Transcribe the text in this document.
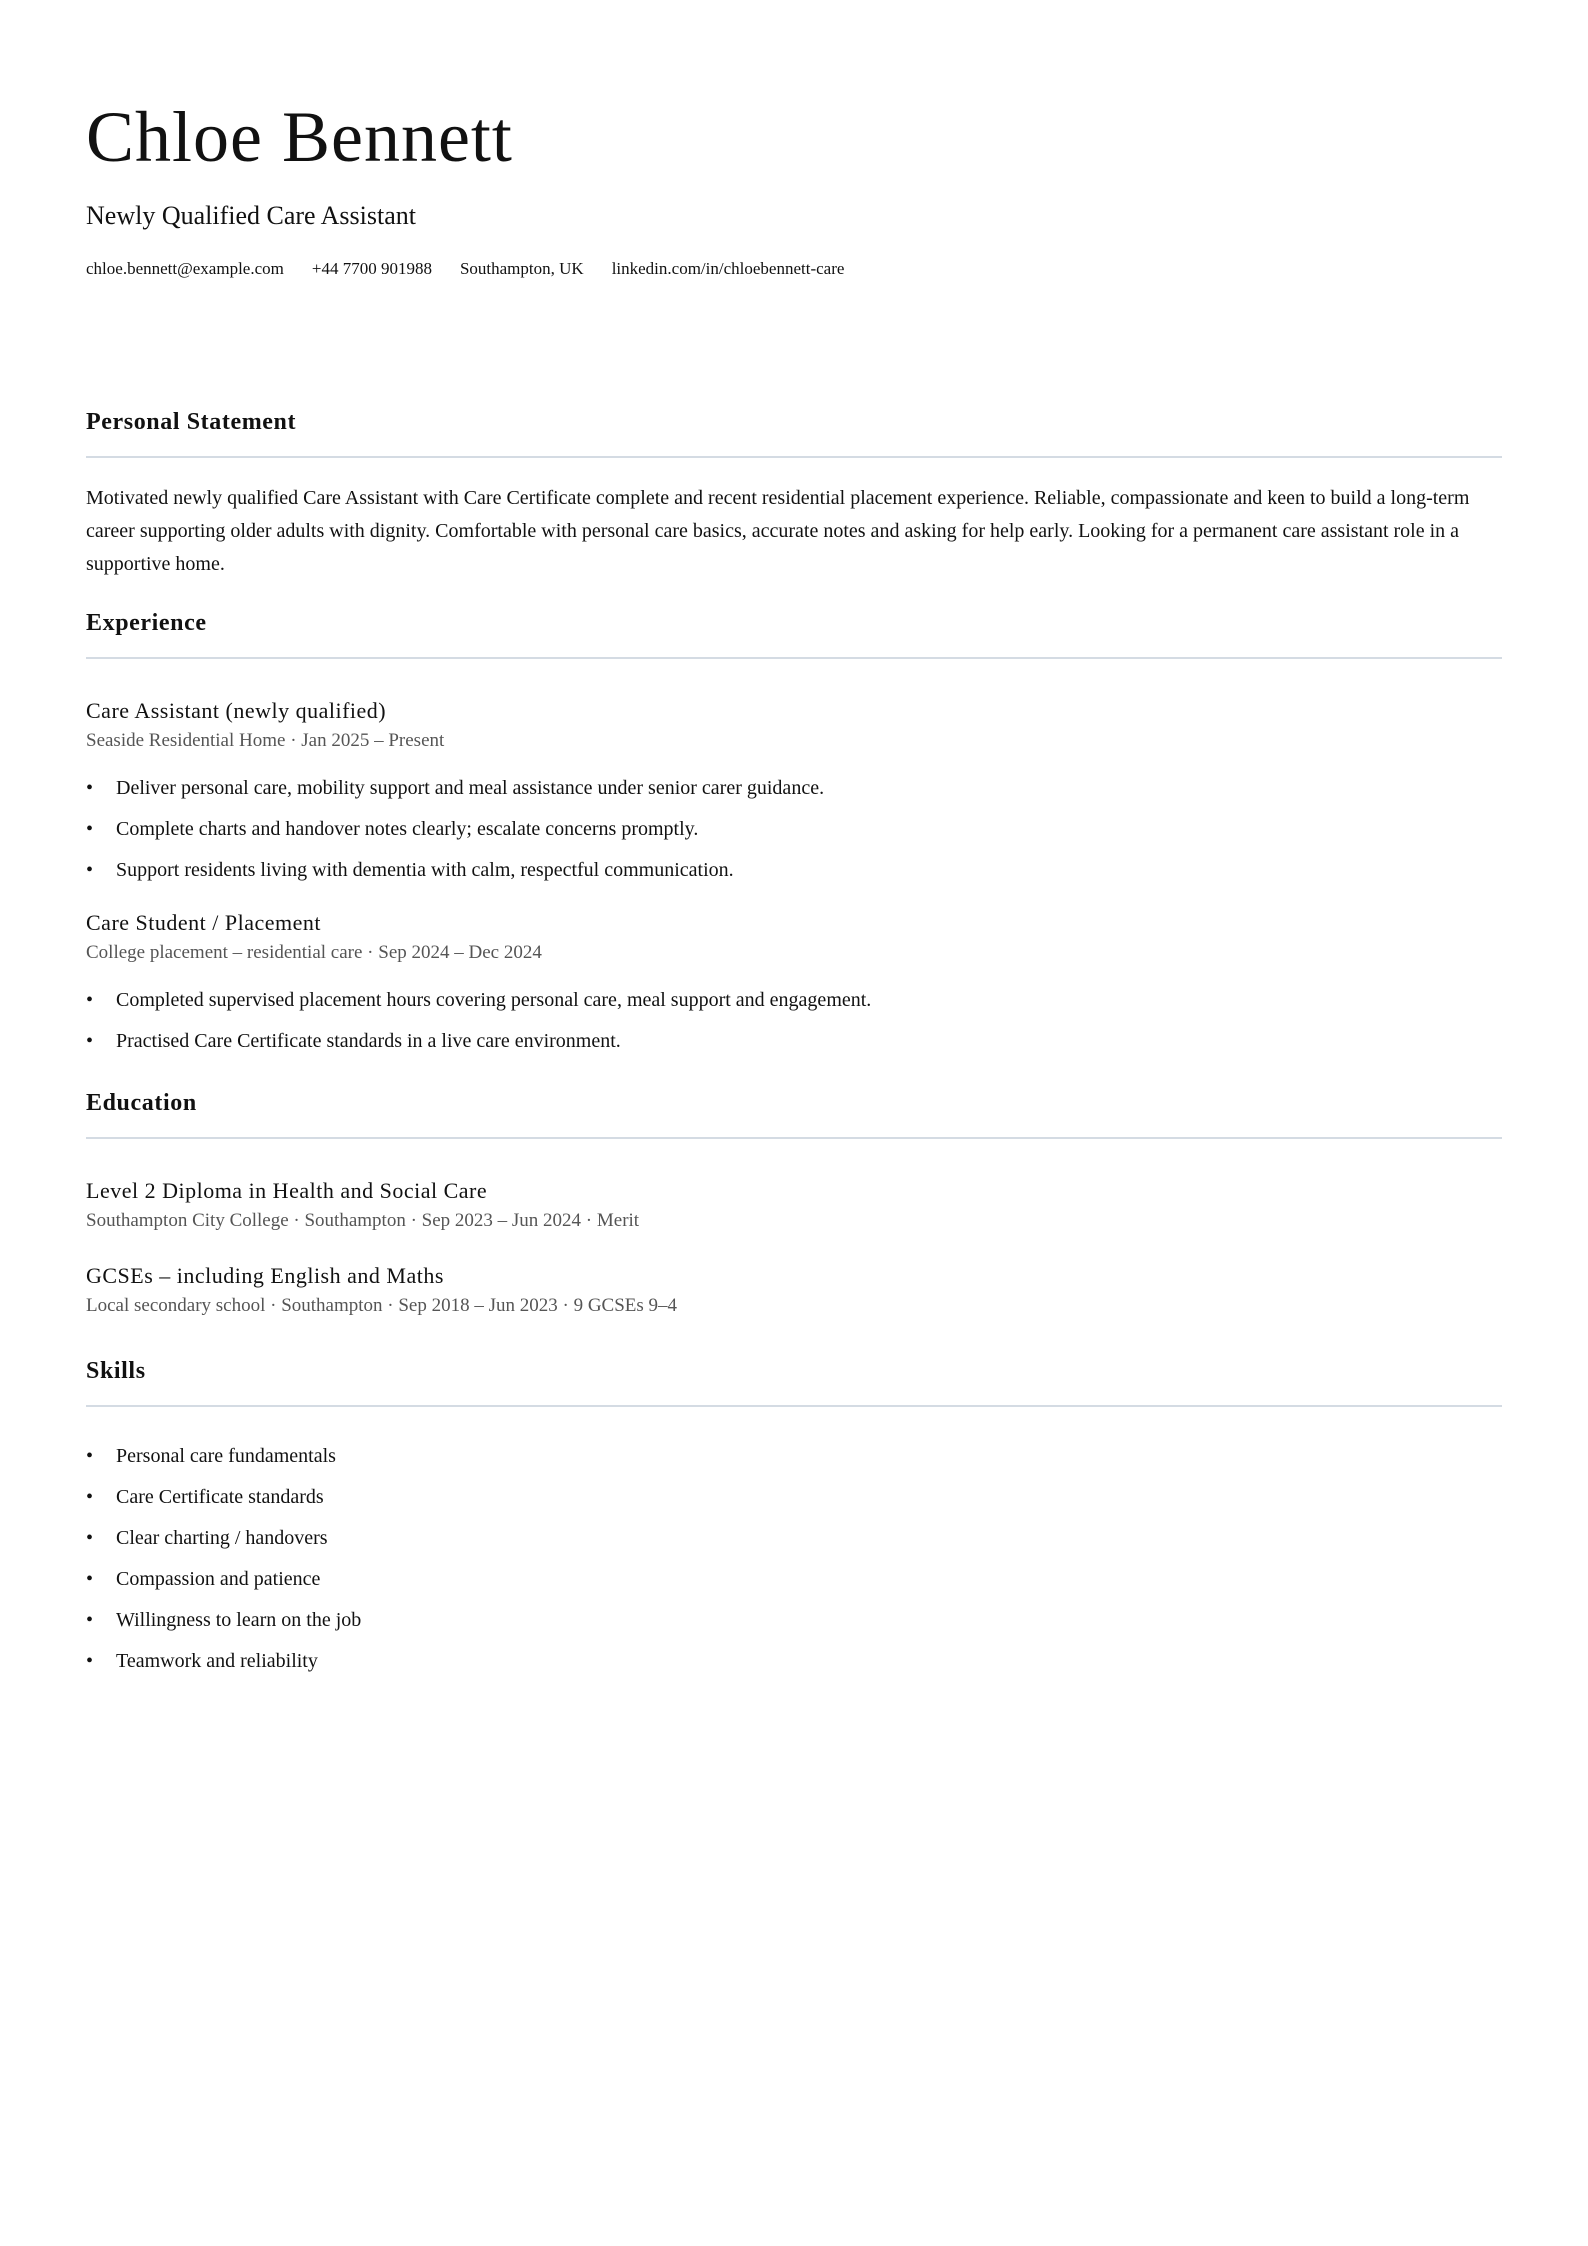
Chloe Bennett
Newly Qualified Care Assistant
chloe.bennett@example.com +44 7700 901988 Southampton, UK linkedin.com/in/chloebennett-care
Personal Statement
Motivated newly qualified Care Assistant with Care Certificate complete and recent residential placement experience. Reliable, compassionate and keen to build a long-term career supporting older adults with dignity. Comfortable with personal care basics, accurate notes and asking for help early. Looking for a permanent care assistant role in a supportive home.
Experience
Care Assistant (newly qualified)
Seaside Residential Home · Jan 2025 – Present
•	Deliver personal care, mobility support and meal assistance under senior carer guidance.
•	Complete charts and handover notes clearly; escalate concerns promptly.
•	Support residents living with dementia with calm, respectful communication.
Care Student / Placement
College placement – residential care · Sep 2024 – Dec 2024
•	Completed supervised placement hours covering personal care, meal support and engagement.
•	Practised Care Certificate standards in a live care environment.
Education
Level 2 Diploma in Health and Social Care
Southampton City College · Southampton · Sep 2023 – Jun 2024 · Merit
GCSEs – including English and Maths
Local secondary school · Southampton · Sep 2018 – Jun 2023 · 9 GCSEs 9–4
Skills
•	Personal care fundamentals
•	Care Certificate standards
•	Clear charting / handovers
•	Compassion and patience
•	Willingness to learn on the job
•	Teamwork and reliability
